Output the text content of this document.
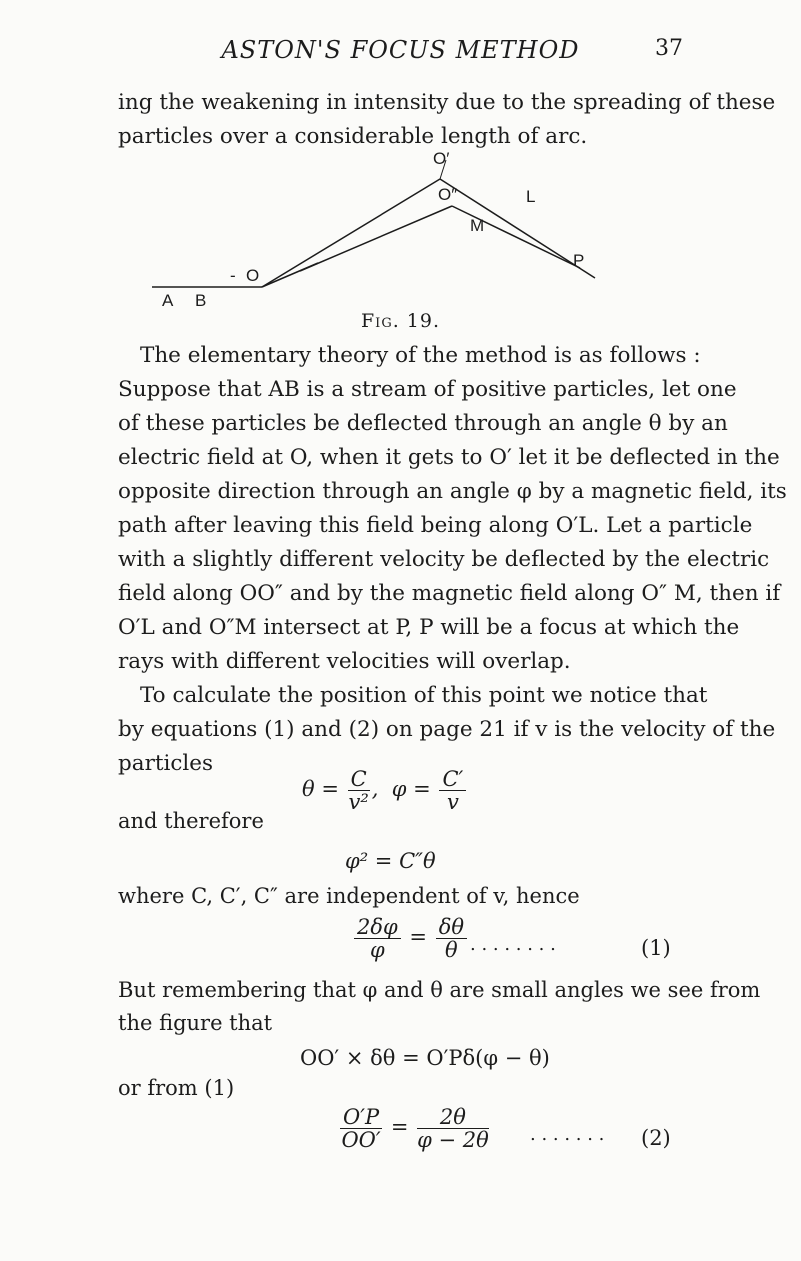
ASTON'S FOCUS METHOD	37
ing the weakening in intensity due to the spreading of these
particles over a considerable length of arc.
O′
O″	L
M
P
O
-
A B
Fig. 19.
The elementary theory of the method is as follows :
Suppose that AB is a stream of positive particles, let one
of these particles be deflected through an angle θ by an
electric field at O, when it gets to O′ let it be deflected in the
opposite direction through an angle φ by a magnetic field, its
path after leaving this field being along O′L. Let a particle
with a slightly different velocity be deflected by the electric
field along OO″ and by the magnetic field along O″ M, then if
O′L and O″M intersect at P, P will be a focus at which the
rays with different velocities will overlap.
To calculate the position of this point we notice that
by equations (1) and (2) on page 21 if v is the velocity of the
particles
$\theta = \frac{C}{\text{v²}}$ , $\varphi = \frac{C'}{v}$
and therefore
φ² = C″θ
where C, C′, C″ are independent of v, hence
$\frac{2\delta\varphi}{\varphi} = \frac{\delta\theta}{\theta}$ . . . . . . . .	(1)
But remembering that φ and θ are small angles we see from
the figure that
OO′ × δθ = O′Pδ(φ − θ)
or from (1)
$\frac{O'P}{OO'} = \frac{2\theta}{\varphi - 2\theta}$ . . . . . . . (2)
